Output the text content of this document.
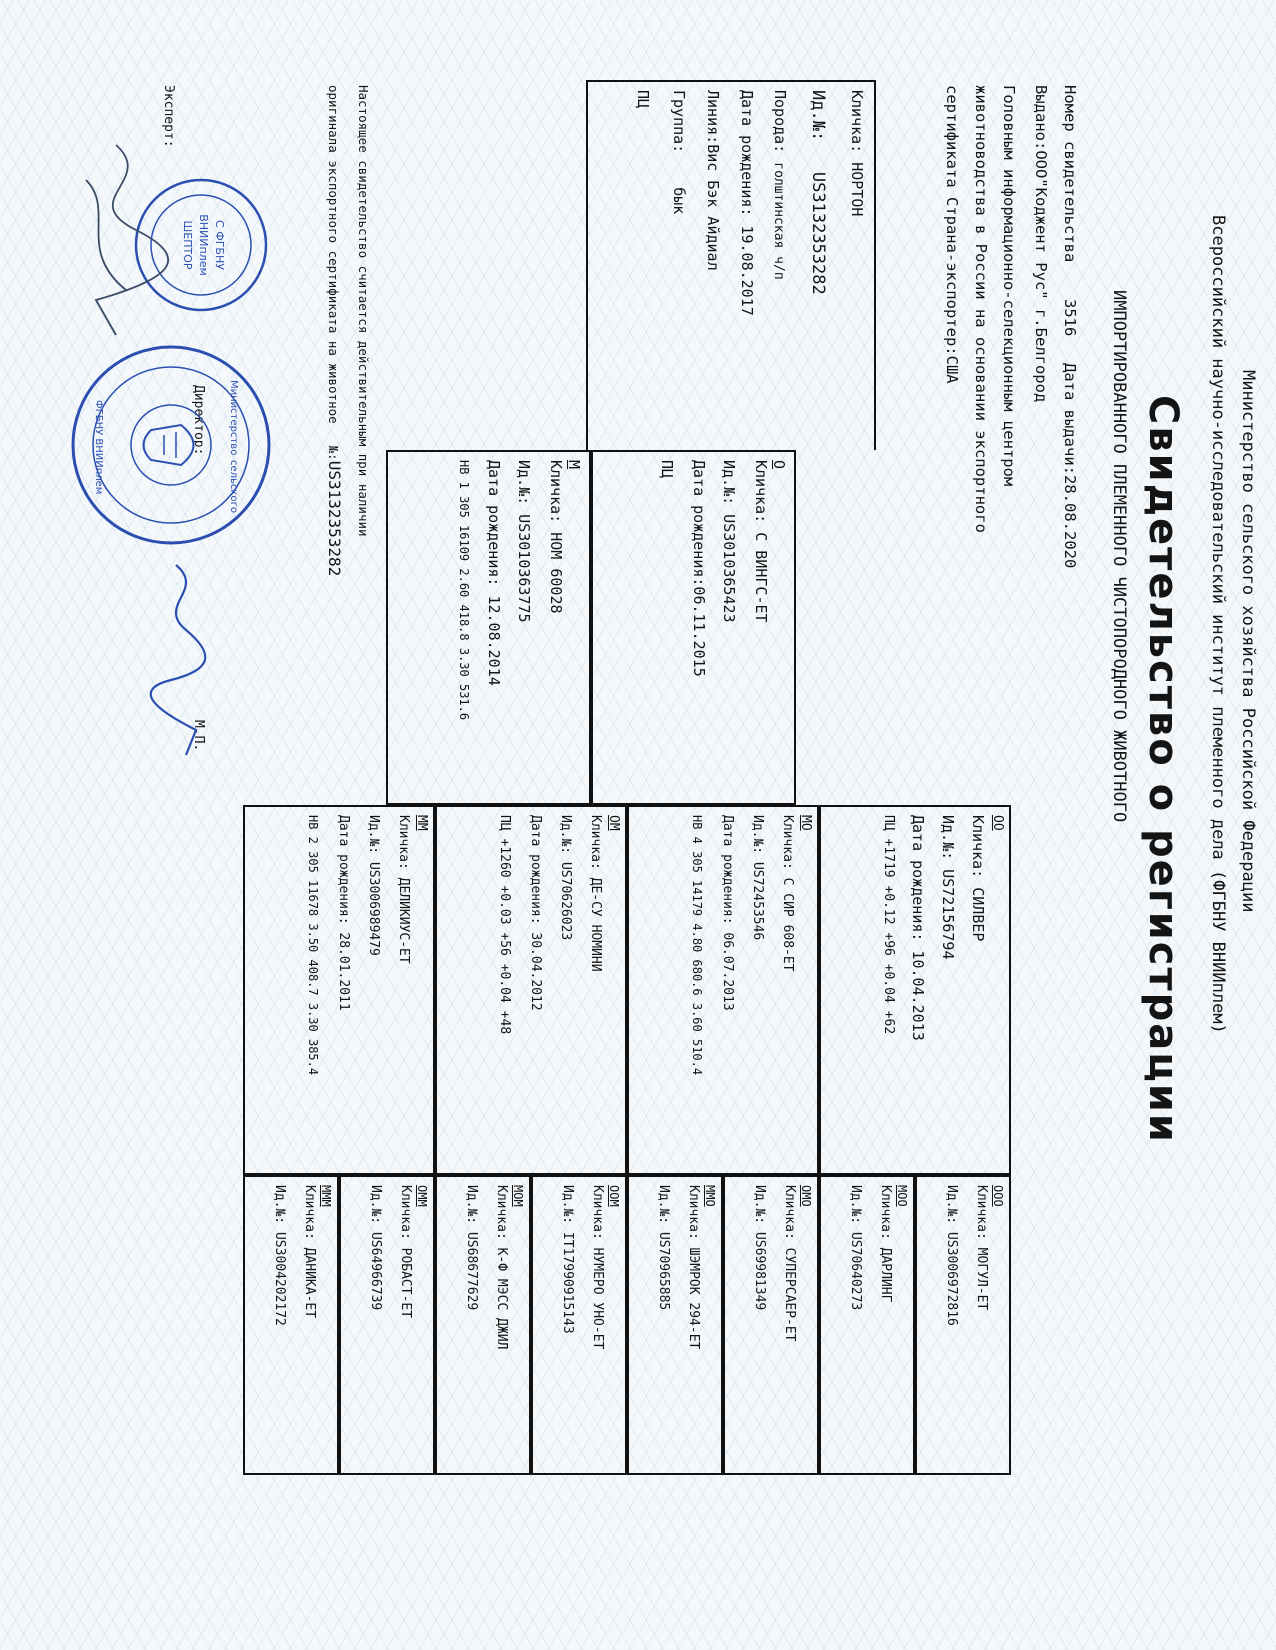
Министерство сельского хозяйства Российской Федерации
Всероссийский научно-исследовательский институт племенного дела (ФГБНУ ВНИИплем)
Свидетельство о регистрации
ИМПОРТИРОВАННОГО ПЛЕМЕННОГО ЧИСТОПОРОДНОГО ЖИВОТНОГО
Номер свидетельства  3516  Дата выдачи:28.08.2020
Выдано:ООО"Коджент Рус" г.Белгород
Головным информационно-селекционным центром
животноводства в России на основании экспортного
сертификата Страна-экспортер:США
Кличка: НОРТОН
Ид.№:   US3132353282
Порода: голштинская ч/п
Дата рождения: 19.08.2017
Линия:Вис Бэк Айдиал
Группа:бык
ПЦ
О
Кличка: С ВИНГС-ЕТ
Ид.№: US3010365423
Дата рождения:06.11.2015
ПЦ
М
Кличка: НОМ 60028
Ид.№: US3010363775
Дата рождения: 12.08.2014
НВ 1 305 16109 2.60 418.8 3.30 531.6
ОО
Кличка: СИЛВЕР
Ид.№: US72156794
Дата рождения: 10.04.2013
ПЦ +1719 +0.12 +96 +0.04 +62
МО
Кличка: С СИР 608-ЕТ
Ид.№: US72453546
Дата рождения: 06.07.2013
НВ 4 305 14179 4.80 680.6 3.60 510.4
ОМ
Кличка: ДЕ-СУ НОМИНИ
Ид.№: US70626023
Дата рождения: 30.04.2012
ПЦ +1260 +0.03 +56 +0.04 +48
ММ
Кличка: ДЕЛИКИУС-ЕТ
Ид.№: US3006989479
Дата рождения: 28.01.2011
НВ 2 305 11678 3.50 408.7 3.30 385.4
ООО
Кличка: МОГУЛ-ЕТ
Ид.№: US3006972816
МОО
Кличка: ДАРЛИНГ
Ид.№: US70640273
ОМО
Кличка: СУПЕРСАЕР-ЕТ
Ид.№: US69981349
ММО
Кличка: ШЭМРОК 294-ЕТ
Ид.№: US70965885
ООМ
Кличка: НУМЕРО УНО-ЕТ
Ид.№: IT17990915143
МОМ
Кличка: К-Ф МЭСС ДЖИЛ
Ид.№: US68677629
ОММ
Кличка: РОБАСТ-ЕТ
Ид.№: US64966739
МММ
Кличка: ДАНИКА-ЕТ
Ид.№: US3004202172
Настоящее свидетельство считается действительным при наличии
оригинала экспортного сертификата на животное№:US3132353282
Директор:
М.П.
Эксперт:
С ФГБНУВНИИплемШЕПТОР
Министерство сельского ФГБНУ ВНИИплем
